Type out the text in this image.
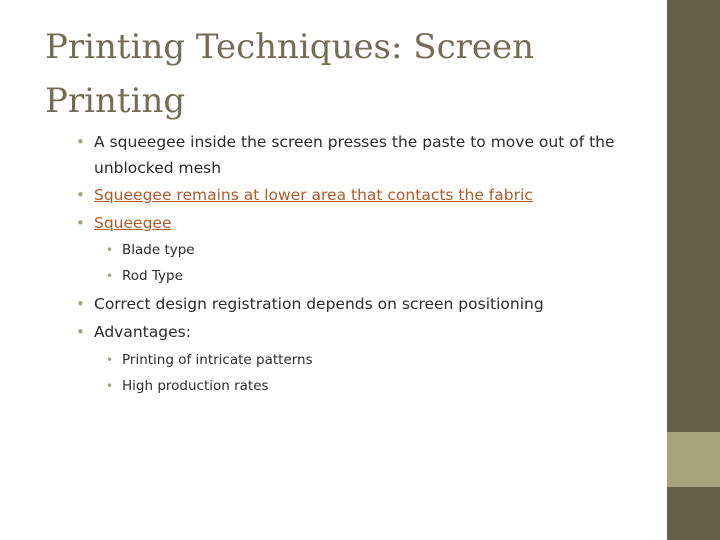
Printing Techniques: Screen Printing

• A squeegee inside the screen presses the paste to move out of the unblocked mesh

• Squeegee remains at lower area that contacts the fabric

• Squeegee

• Blade type

• Rod Type

• Correct design registration depends on screen positioning

• Advantages:

• Printing of intricate patterns

• High production rates
